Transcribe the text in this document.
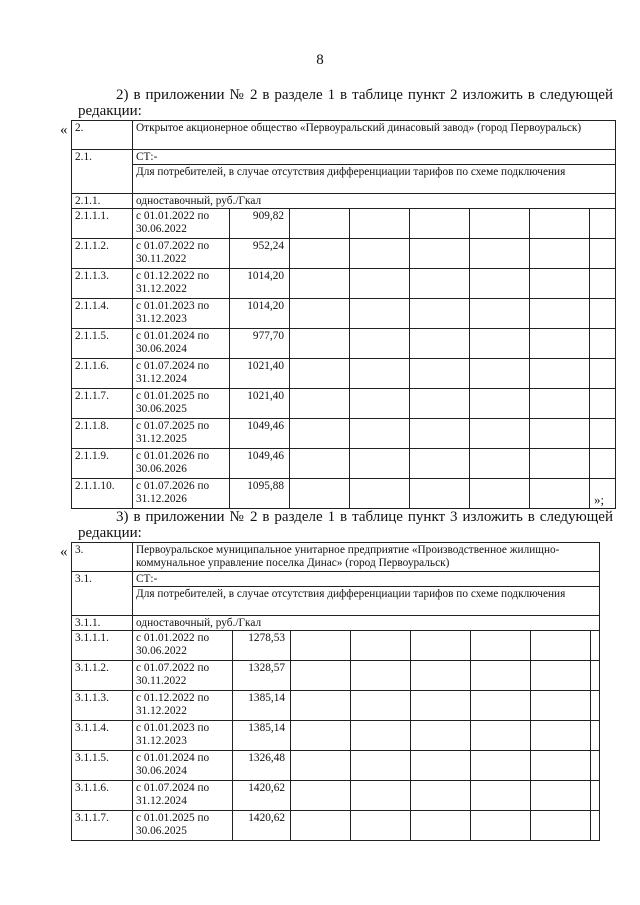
8
2) в приложении № 2 в разделе 1 в таблице пункт 2 изложить в следующей
редакции:
« 2.	Открытое акционерное общество «Первоуральский динасовый завод» (город Первоуральск)							
2.1.	СТ:-							
	Для потребителей, в случае отсутствия дифференциации тарифов по схеме подключения							
2.1.1.	одноставочный, руб./Гкал							
2.1.1.1.	с 01.01.2022 по 30.06.2022	909,82						
2.1.1.2.	с 01.07.2022 по 30.11.2022	952,24						
2.1.1.3.	с 01.12.2022 по 31.12.2022	1014,20						
2.1.1.4.	с 01.01.2023 по 31.12.2023	1014,20						
2.1.1.5.	с 01.01.2024 по 30.06.2024	977,70						
2.1.1.6.	с 01.07.2024 по 31.12.2024	1021,40						
2.1.1.7.	с 01.01.2025 по 30.06.2025	1021,40						
2.1.1.8.	с 01.07.2025 по 31.12.2025	1049,46						
2.1.1.9.	с 01.01.2026 по 30.06.2026	1049,46						
2.1.1.10.	с 01.07.2026 по 31.12.2026	1095,88						
»;
3) в приложении № 2 в разделе 1 в таблице пункт 3 изложить в следующей
редакции:
« 3.	Первоуральское муниципальное унитарное предприятие «Производственное жилищно-коммунальное управление поселка Динас» (город Первоуральск)							
3.1.	СТ:-							
	Для потребителей, в случае отсутствия дифференциации тарифов по схеме подключения							
3.1.1.	одноставочный, руб./Гкал							
3.1.1.1.	с 01.01.2022 по 30.06.2022	1278,53						
3.1.1.2.	с 01.07.2022 по 30.11.2022	1328,57						
3.1.1.3.	с 01.12.2022 по 31.12.2022	1385,14						
3.1.1.4.	с 01.01.2023 по 31.12.2023	1385,14						
3.1.1.5.	с 01.01.2024 по 30.06.2024	1326,48						
3.1.1.6.	с 01.07.2024 по 31.12.2024	1420,62						
3.1.1.7.	с 01.01.2025 по 30.06.2025	1420,62						
